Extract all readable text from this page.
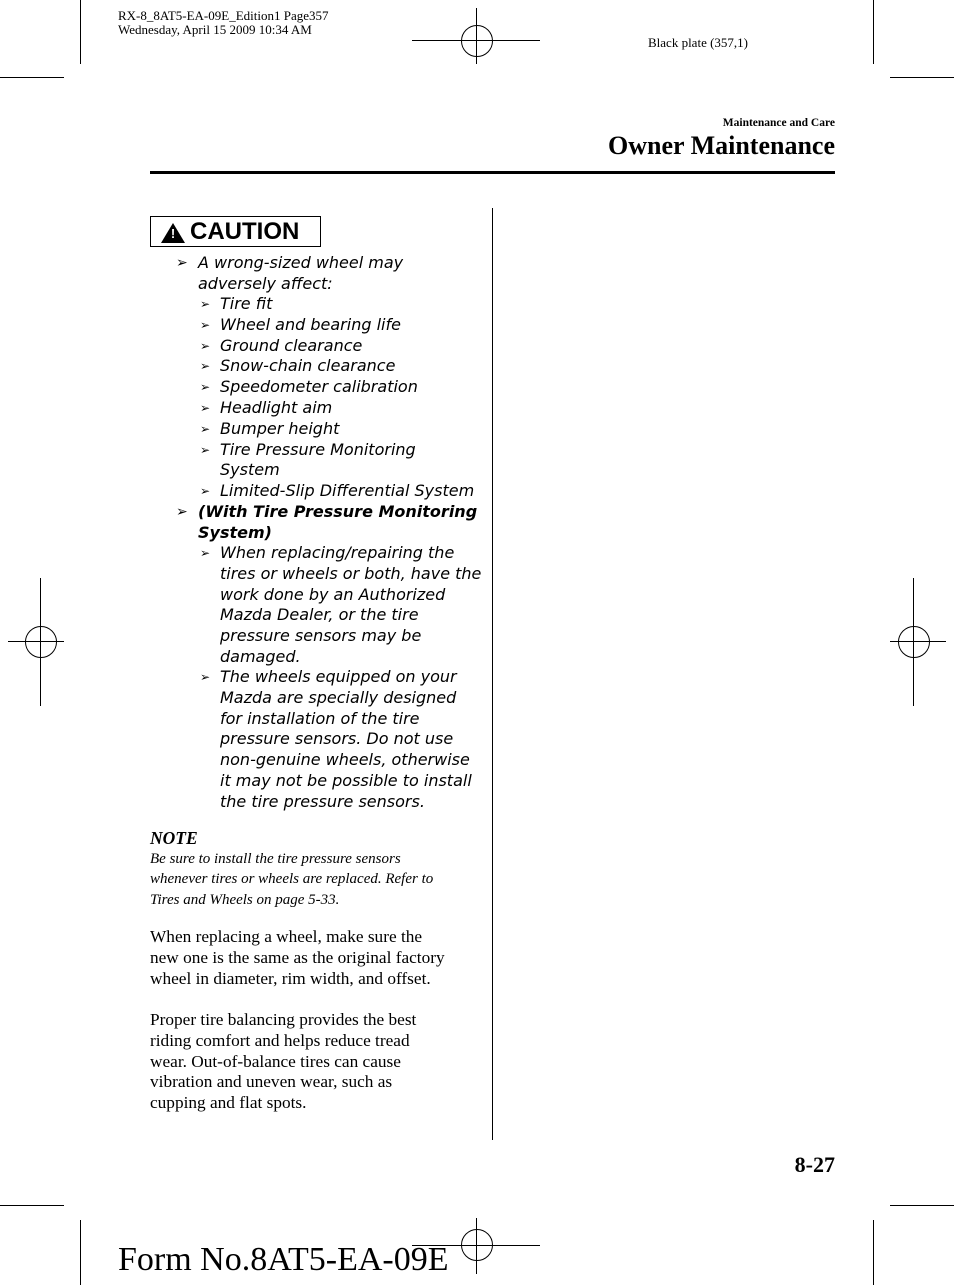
RX-8_8AT5-EA-09E_Edition1 Page357
Wednesday, April 15 2009 10:34 AM
Black plate (357,1)
Maintenance and Care
Owner Maintenance
! CAUTION
➢ A wrong-sized wheel may
adversely affect:
➢ Tire fit
➢ Wheel and bearing life
➢ Ground clearance
➢ Snow-chain clearance
➢ Speedometer calibration
➢ Headlight aim
➢ Bumper height
➢ Tire Pressure Monitoring
System
➢ Limited-Slip Differential System
➢ (With Tire Pressure Monitoring
System)
➢ When replacing/repairing the
tires or wheels or both, have the
work done by an Authorized
Mazda Dealer, or the tire
pressure sensors may be
damaged.
➢ The wheels equipped on your
Mazda are specially designed
for installation of the tire
pressure sensors. Do not use
non-genuine wheels, otherwise
it may not be possible to install
the tire pressure sensors.
NOTE
Be sure to install the tire pressure sensors
whenever tires or wheels are replaced. Refer to
Tires and Wheels on page 5-33.
When replacing a wheel, make sure the
new one is the same as the original factory
wheel in diameter, rim width, and offset.
Proper tire balancing provides the best
riding comfort and helps reduce tread
wear. Out-of-balance tires can cause
vibration and uneven wear, such as
cupping and flat spots.
8-27
Form No.8AT5-EA-09E
